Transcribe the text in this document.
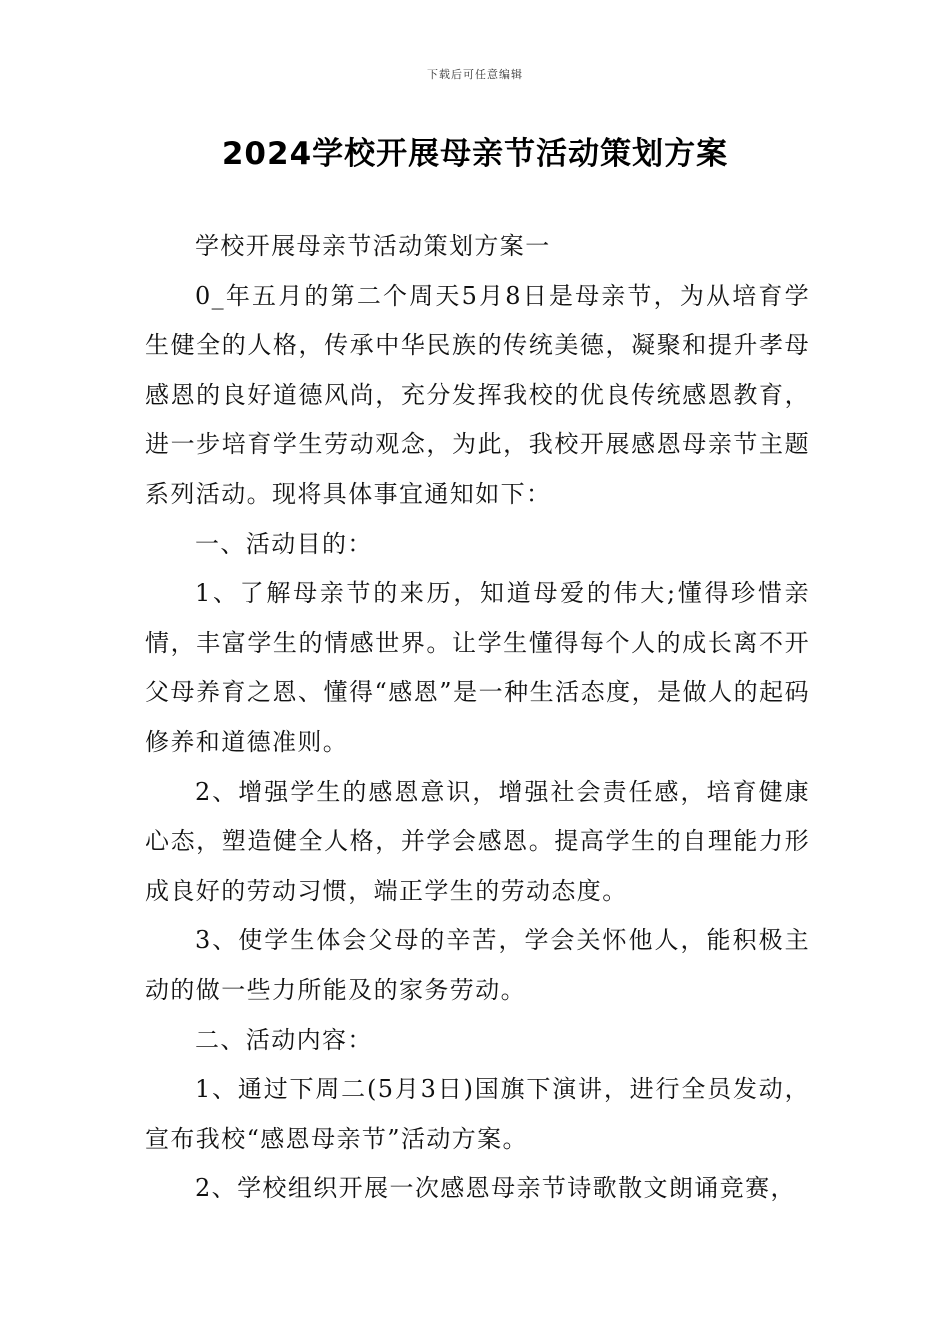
下载后可任意编辑
2024学校开展母亲节活动策划方案

学校开展母亲节活动策划方案一

0_年五月的第二个周天5月8日是母亲节，为从培育学生健全的人格，传承中华民族的传统美德，凝聚和提升孝母感恩的良好道德风尚，充分发挥我校的优良传统感恩教育，进一步培育学生劳动观念，为此，我校开展感恩母亲节主题系列活动。现将具体事宜通知如下：

一、活动目的：

1、了解母亲节的来历，知道母爱的伟大;懂得珍惜亲情，丰富学生的情感世界。让学生懂得每个人的成长离不开父母养育之恩、懂得“感恩”是一种生活态度，是做人的起码修养和道德准则。

2、增强学生的感恩意识，增强社会责任感，培育健康心态，塑造健全人格，并学会感恩。提高学生的自理能力形成良好的劳动习惯，端正学生的劳动态度。

3、使学生体会父母的辛苦，学会关怀他人，能积极主动的做一些力所能及的家务劳动。

二、活动内容：

1、通过下周二(5月3日)国旗下演讲，进行全员发动，宣布我校“感恩母亲节”活动方案。

2、学校组织开展一次感恩母亲节诗歌散文朗诵竞赛，
